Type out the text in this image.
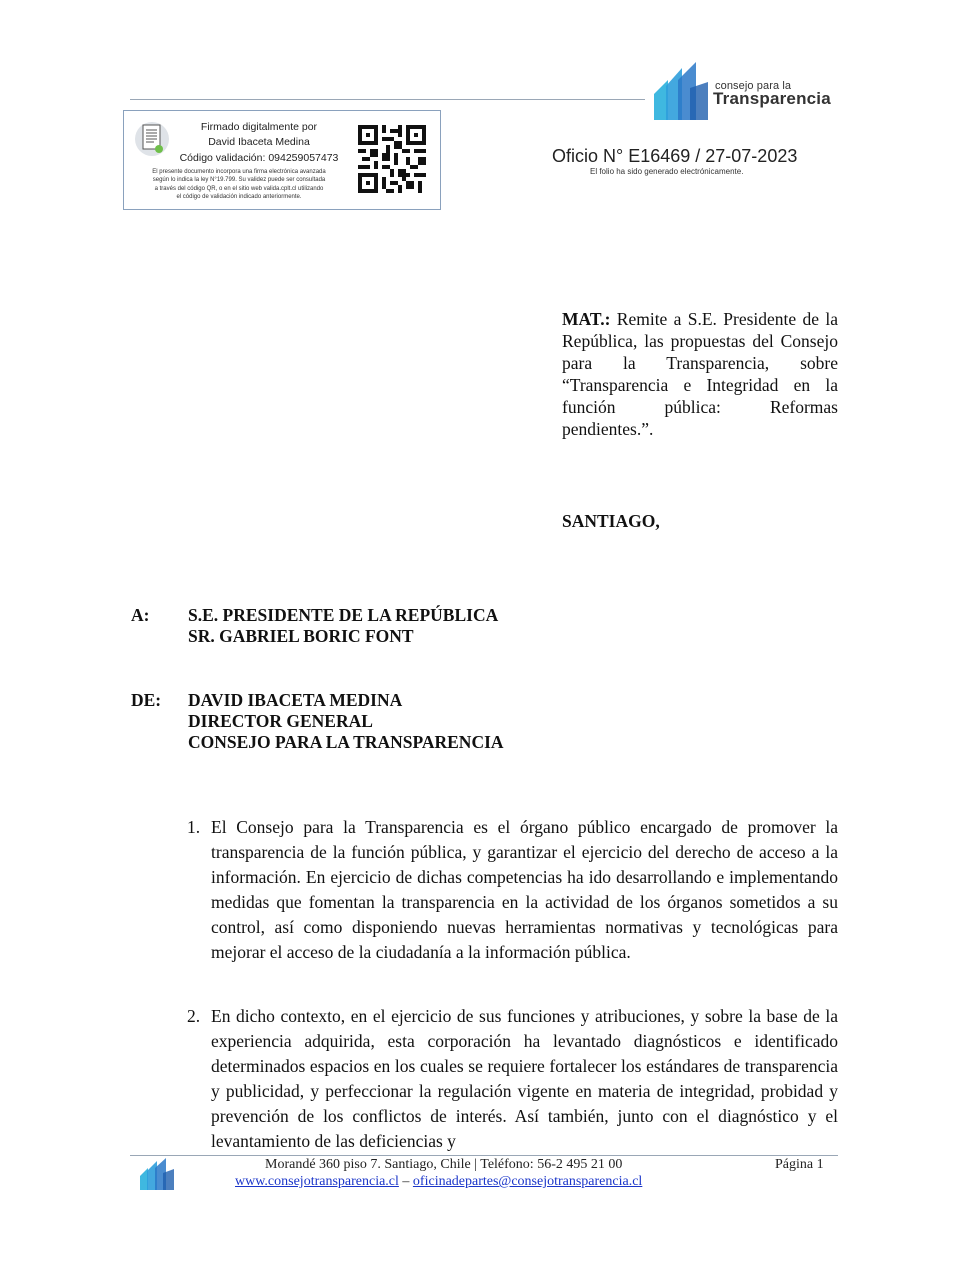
consejo para la
Transparencia
Firmado digitalmente por
David Ibaceta Medina
Código validación: 094259057473
El presente documento incorpora una firma electrónica avanzada
según lo indica la ley N°19.799. Su validez puede ser consultada
a través del código QR, o en el sitio web valida.cplt.cl utilizando
el código de validación indicado anteriormente.
Oficio N° E16469 / 27-07-2023
El folio ha sido generado electrónicamente.
MAT.: Remite a S.E. Presidente de la República, las propuestas del Consejo para la Transparencia, sobre “Transparencia e Integridad en la función pública: Reformas pendientes.”.
SANTIAGO,
A: S.E. PRESIDENTE DE LA REPÚBLICA
SR. GABRIEL BORIC FONT
DE: DAVID IBACETA MEDINA
DIRECTOR GENERAL
CONSEJO PARA LA TRANSPARENCIA
1. El Consejo para la Transparencia es el órgano público encargado de promover la transparencia de la función pública, y garantizar el ejercicio del derecho de acceso a la información. En ejercicio de dichas competencias ha ido desarrollando e implementando medidas que fomentan la transparencia en la actividad de los órganos sometidos a su control, así como disponiendo nuevas herramientas normativas y tecnológicas para mejorar el acceso de la ciudadanía a la información pública.
2. En dicho contexto, en el ejercicio de sus funciones y atribuciones, y sobre la base de la experiencia adquirida, esta corporación ha levantado diagnósticos e identificado determinados espacios en los cuales se requiere fortalecer los estándares de transparencia y publicidad, y perfeccionar la regulación vigente en materia de integridad, probidad y prevención de los conflictos de interés. Así también, junto con el diagnóstico y el levantamiento de las deficiencias y
Morandé 360 piso 7. Santiago, Chile | Teléfono: 56-2 495 21 00	Página 1
www.consejotransparencia.cl – oficinadepartes@consejotransparencia.cl
